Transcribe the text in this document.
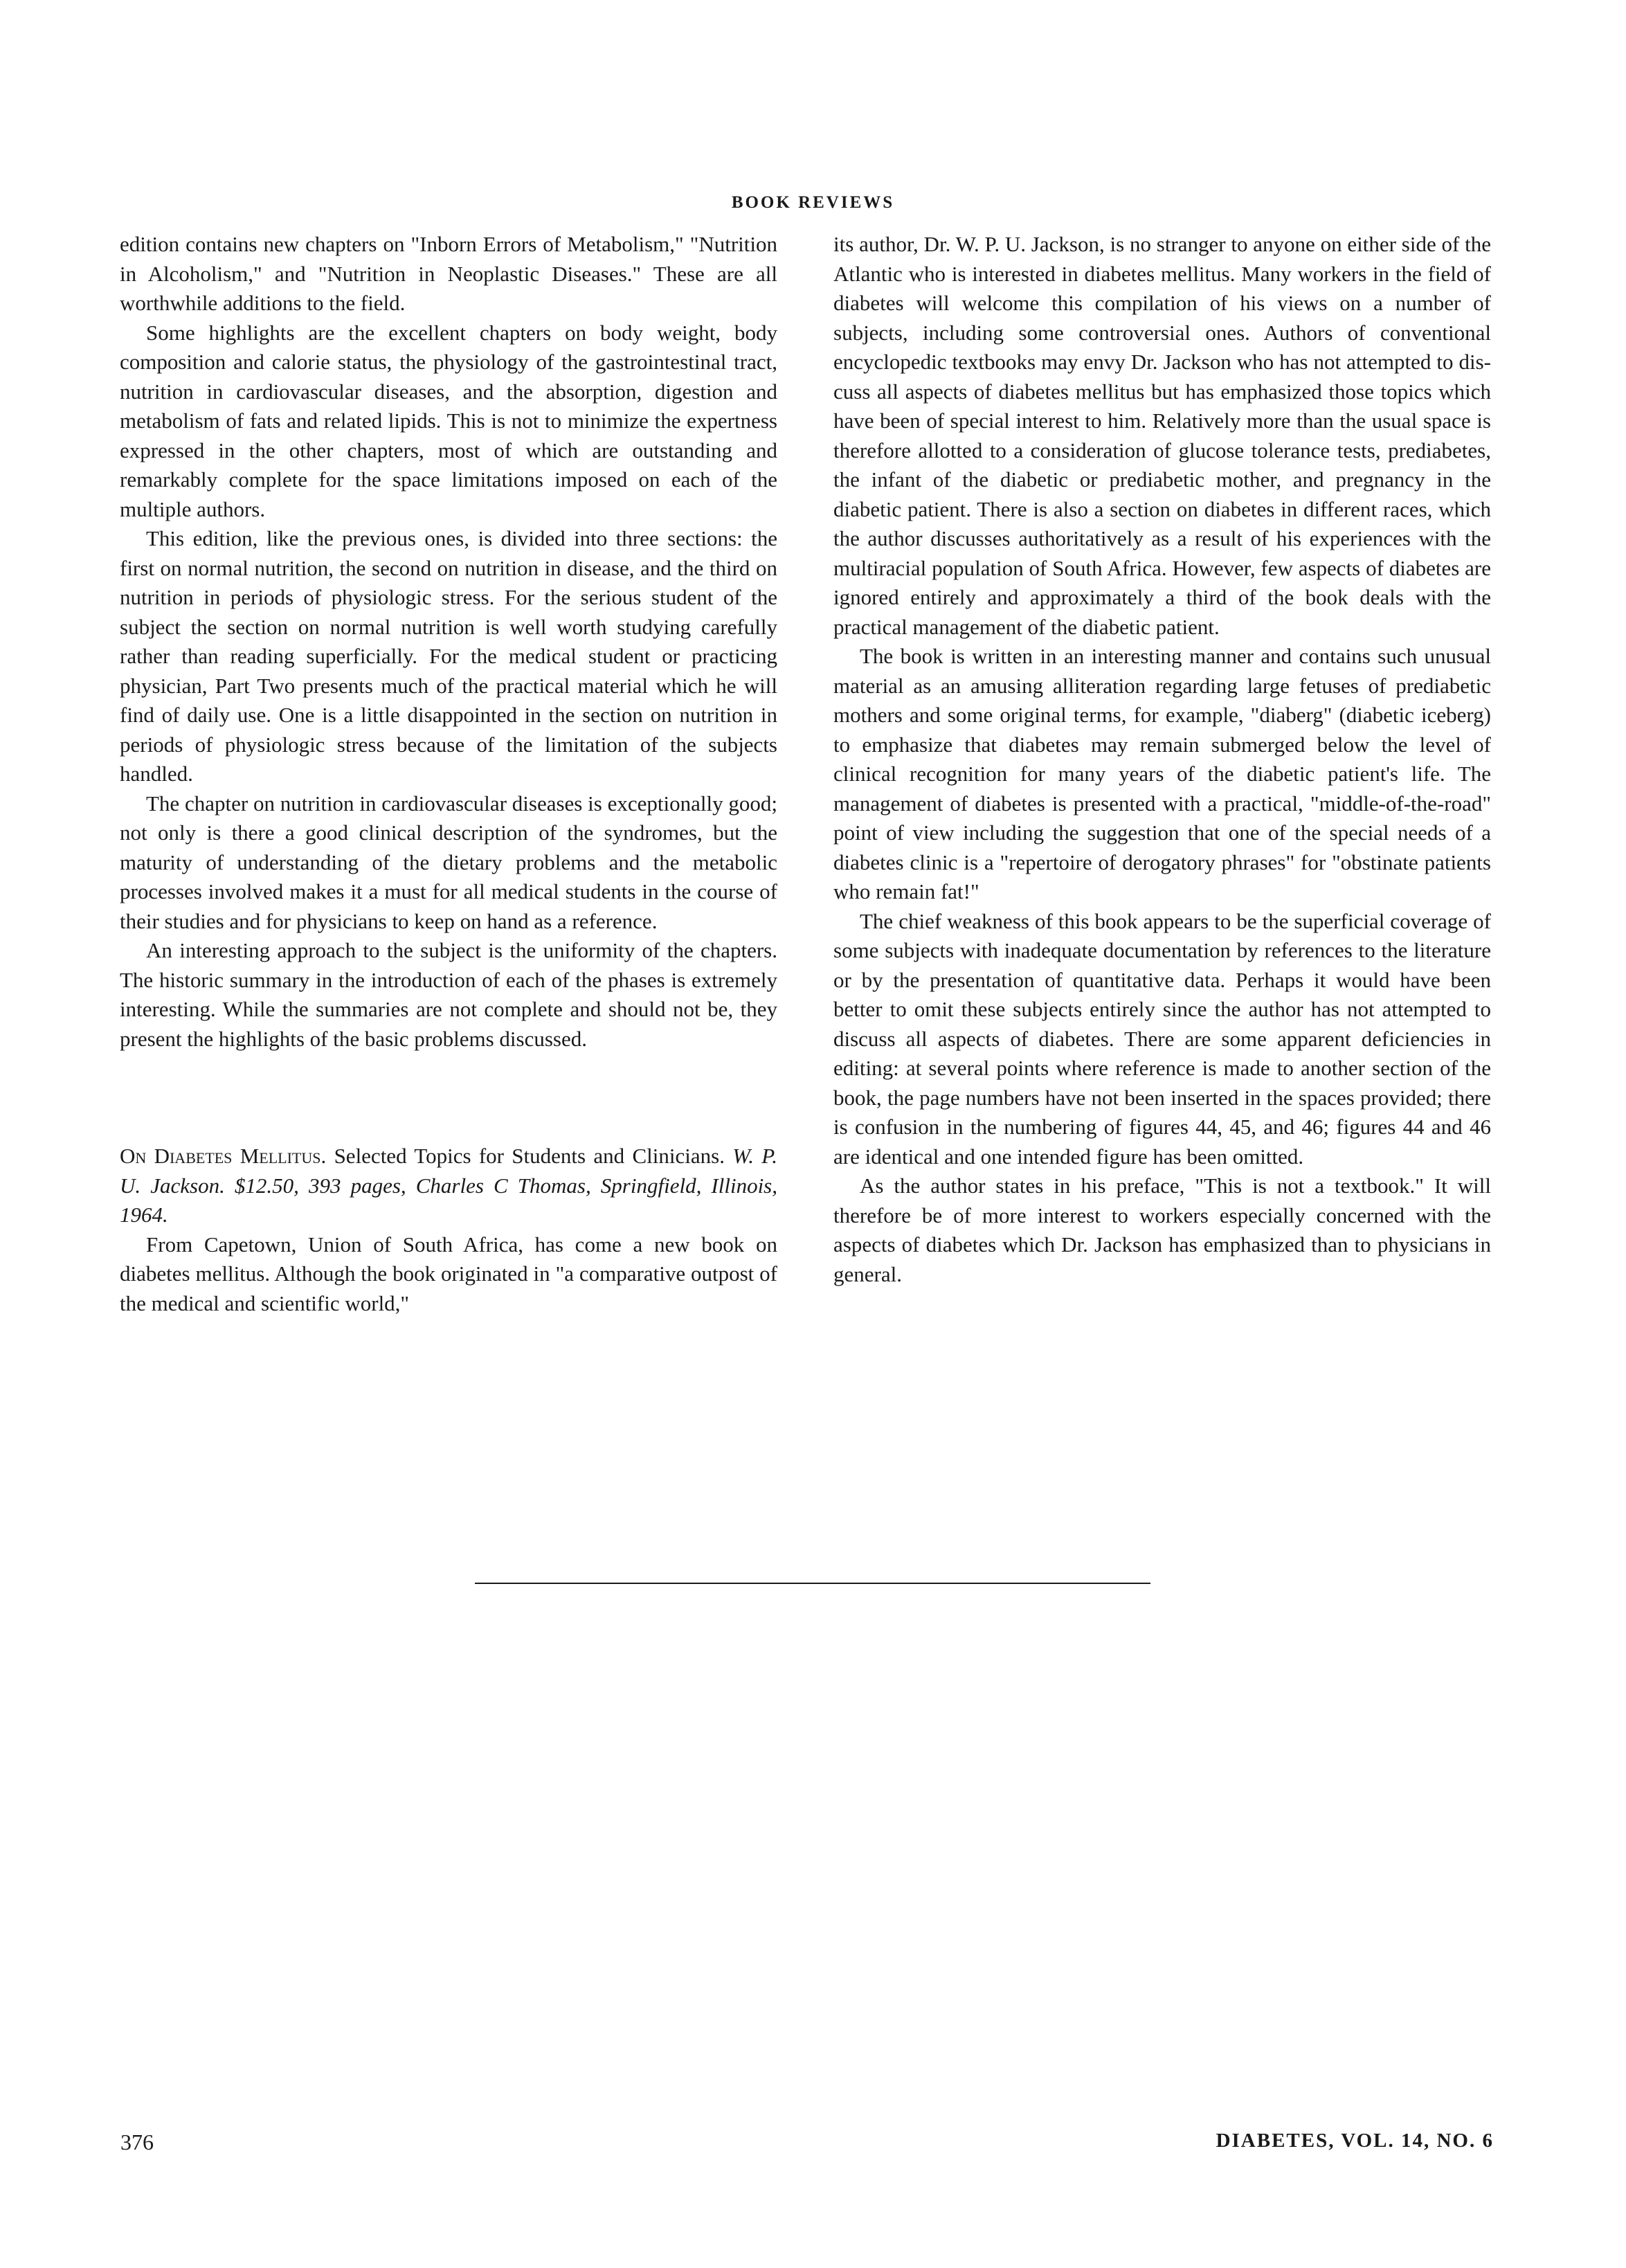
BOOK REVIEWS

edition contains new chapters on "Inborn Errors of Metabolism," "Nutrition in Alcoholism," and "Nutrition in Neoplastic Diseases." These are all worthwhile additions to the field.

Some highlights are the excellent chapters on body weight, body composition and calorie status, the physiology of the gastrointestinal tract, nutrition in cardiovascular diseases, and the absorption, digestion and metabolism of fats and related lipids. This is not to minimize the expertness expressed in the other chapters, most of which are outstanding and remarkably complete for the space limitations imposed on each of the multiple authors.

This edition, like the previous ones, is divided into three sections: the first on normal nutrition, the second on nutrition in disease, and the third on nutrition in periods of physiologic stress. For the serious student of the subject the section on normal nutrition is well worth studying carefully rather than reading superficially. For the medical student or practicing physician, Part Two presents much of the practical material which he will find of daily use. One is a little disappointed in the section on nutrition in periods of physiologic stress because of the limitation of the subjects handled.

The chapter on nutrition in cardiovascular diseases is exceptionally good; not only is there a good clinical description of the syndromes, but the maturity of understanding of the dietary problems and the metabolic processes involved makes it a must for all medical students in the course of their studies and for physicians to keep on hand as a reference.

An interesting approach to the subject is the uniformity of the chapters. The historic summary in the introduction of each of the phases is extremely interesting. While the summaries are not complete and should not be, they present the highlights of the basic problems discussed.

On Diabetes Mellitus. Selected Topics for Students and Clinicians. W. P. U. Jackson. $12.50, 393 pages, Charles C Thomas, Springfield, Illinois, 1964.

From Capetown, Union of South Africa, has come a new book on diabetes mellitus. Although the book originated in "a comparative outpost of the medical and scientific world,"

its author, Dr. W. P. U. Jackson, is no stranger to anyone on either side of the Atlantic who is interested in diabetes mellitus. Many workers in the field of diabetes will welcome this compilation of his views on a number of subjects, including some controversial ones. Authors of conventional encyclopedic textbooks may envy Dr. Jackson who has not attempted to discuss all aspects of diabetes mellitus but has emphasized those topics which have been of special interest to him. Relatively more than the usual space is therefore allotted to a consideration of glucose tolerance tests, prediabetes, the infant of the diabetic or prediabetic mother, and pregnancy in the diabetic patient. There is also a section on diabetes in different races, which the author discusses authoritatively as a result of his experiences with the multiracial population of South Africa. However, few aspects of diabetes are ignored entirely and approximately a third of the book deals with the practical management of the diabetic patient.

The book is written in an interesting manner and contains such unusual material as an amusing alliteration regarding large fetuses of prediabetic mothers and some original terms, for example, "diaberg" (diabetic iceberg) to emphasize that diabetes may remain submerged below the level of clinical recognition for many years of the diabetic patient's life. The management of diabetes is presented with a practical, "middle-of-the-road" point of view including the suggestion that one of the special needs of a diabetes clinic is a "repertoire of derogatory phrases" for "obstinate patients who remain fat!"

The chief weakness of this book appears to be the superficial coverage of some subjects with inadequate documentation by references to the literature or by the presentation of quantitative data. Perhaps it would have been better to omit these subjects entirely since the author has not attempted to discuss all aspects of diabetes. There are some apparent deficiencies in editing: at several points where reference is made to another section of the book, the page numbers have not been inserted in the spaces provided; there is confusion in the numbering of figures 44, 45, and 46; figures 44 and 46 are identical and one intended figure has been omitted.

As the author states in his preface, "This is not a textbook." It will therefore be of more interest to workers especially concerned with the aspects of diabetes which Dr. Jackson has emphasized than to physicians in general.

376	DIABETES, VOL. 14, NO. 6
